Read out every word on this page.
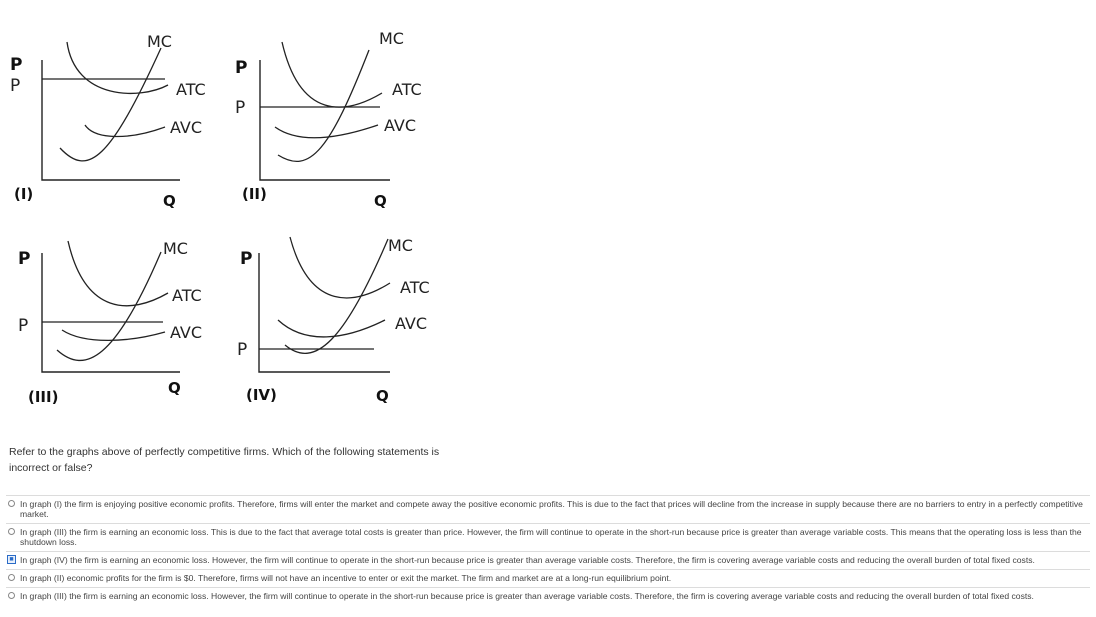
P
P
MC
ATC
AVC
(I)	Q
P
P
MC
ATC
AVC
(II)	Q
P
P
MC
ATC
AVC
(III)	Q
P
P
MC
ATC
AVC
(IV)	Q
Refer to the graphs above of perfectly competitive firms. Which of the following statements is incorrect or false?
In graph (I) the firm is enjoying positive economic profits. Therefore, firms will enter the market and compete away the positive economic profits. This is due to the fact that prices will decline from the increase in supply because there are no barriers to entry in a perfectly competitive market.
In graph (III) the firm is earning an economic loss. This is due to the fact that average total costs is greater than price. However, the firm will continue to operate in the short-run because price is greater than average variable costs. This means that the operating loss is less than the shutdown loss.
■ In graph (IV) the firm is earning an economic loss. However, the firm will continue to operate in the short-run because price is greater than average variable costs. Therefore, the firm is covering average variable costs and reducing the overall burden of total fixed costs.
In graph (II) economic profits for the firm is $0. Therefore, firms will not have an incentive to enter or exit the market. The firm and market are at a long-run equilibrium point.
In graph (III) the firm is earning an economic loss. However, the firm will continue to operate in the short-run because price is greater than average variable costs. Therefore, the firm is covering average variable costs and reducing the overall burden of total fixed costs.
